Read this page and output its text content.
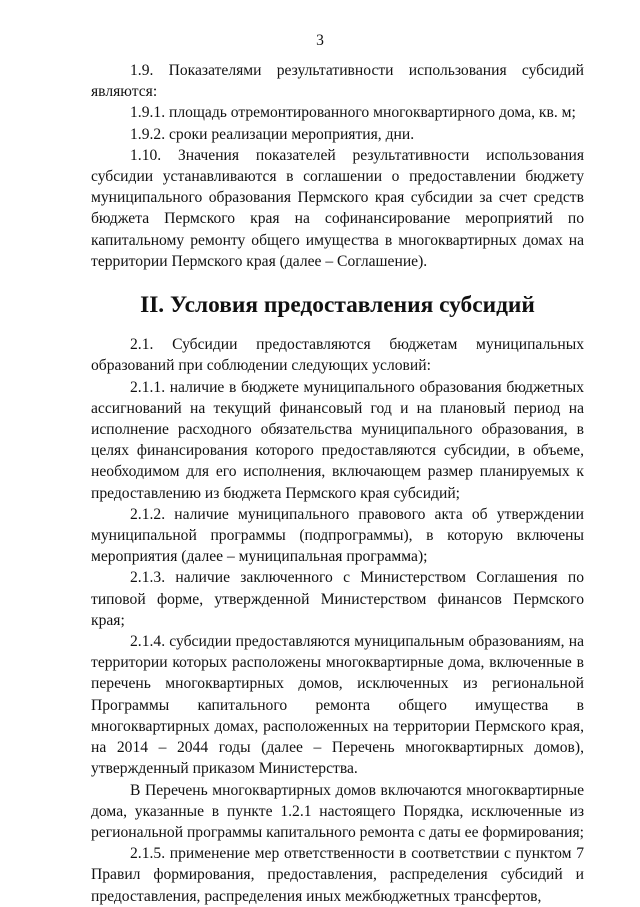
3

1.9. Показателями результативности использования субсидий являются:

1.9.1. площадь отремонтированного многоквартирного дома, кв. м;

1.9.2. сроки реализации мероприятия, дни.

1.10. Значения показателей результативности использования субсидии устанавливаются в соглашении о предоставлении бюджету муниципального образования Пермского края субсидии за счет средств бюджета Пермского края на софинансирование мероприятий по капитальному ремонту общего имущества в многоквартирных домах на территории Пермского края (далее – Соглашение).

II. Условия предоставления субсидий

2.1. Субсидии предоставляются бюджетам муниципальных образований при соблюдении следующих условий:

2.1.1. наличие в бюджете муниципального образования бюджетных ассигнований на текущий финансовый год и на плановый период на исполнение расходного обязательства муниципального образования, в целях финансирования которого предоставляются субсидии, в объеме, необходимом для его исполнения, включающем размер планируемых к предоставлению из бюджета Пермского края субсидий;

2.1.2. наличие муниципального правового акта об утверждении муниципальной программы (подпрограммы), в которую включены мероприятия (далее – муниципальная программа);

2.1.3. наличие заключенного с Министерством Соглашения по типовой форме, утвержденной Министерством финансов Пермского края;

2.1.4. субсидии предоставляются муниципальным образованиям, на территории которых расположены многоквартирные дома, включенные в перечень многоквартирных домов, исключенных из региональной Программы капитального ремонта общего имущества в многоквартирных домах, расположенных на территории Пермского края, на 2014 – 2044 годы (далее – Перечень многоквартирных домов), утвержденный приказом Министерства.

В Перечень многоквартирных домов включаются многоквартирные дома, указанные в пункте 1.2.1 настоящего Порядка, исключенные из региональной программы капитального ремонта с даты ее формирования;

2.1.5. применение мер ответственности в соответствии с пунктом 7 Правил формирования, предоставления, распределения субсидий и предоставления, распределения иных межбюджетных трансфертов,
